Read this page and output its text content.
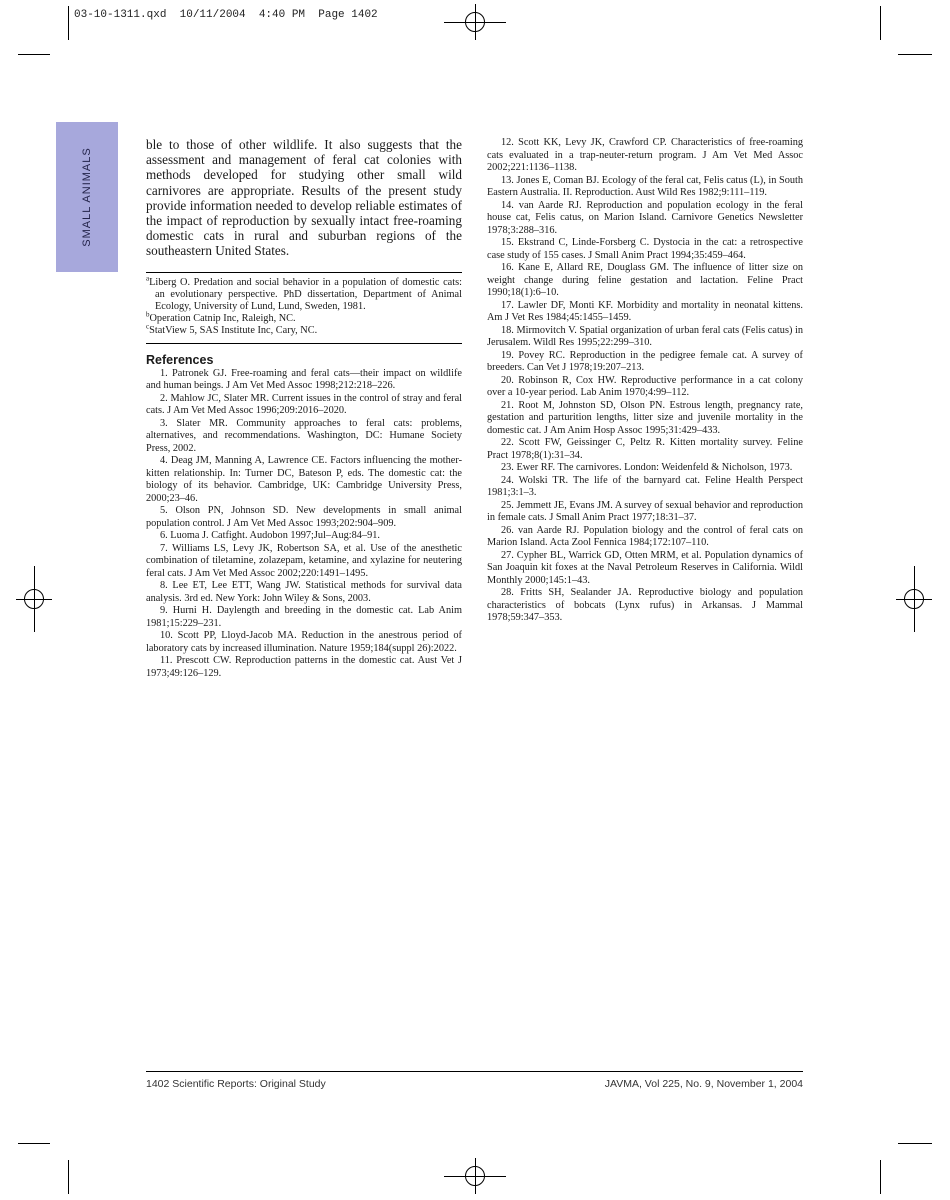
03-10-1311.qxd  10/11/2004  4:40 PM  Page 1402
SMALL ANIMALS

ble to those of other wildlife. It also suggests that the assessment and management of feral cat colonies with methods developed for studying other small wild carnivores are appropriate. Results of the present study provide information needed to develop reliable estimates of the impact of reproduction by sexually intact free-roaming domestic cats in rural and suburban regions of the southeastern United States.

$^a$Liberg O. Predation and social behavior in a population of domestic cats: an evolutionary perspective. PhD dissertation, Department of Animal Ecology, University of Lund, Lund, Sweden, 1981.
$^b$Operation Catnip Inc, Raleigh, NC.
$^c$StatView 5, SAS Institute Inc, Cary, NC.
References
1. Patronek GJ. Free-roaming and feral cats—their impact on wildlife and human beings. J Am Vet Med Assoc 1998;212:218–226.
2. Mahlow JC, Slater MR. Current issues in the control of stray and feral cats. J Am Vet Med Assoc 1996;209:2016–2020.
3. Slater MR. Community approaches to feral cats: problems, alternatives, and recommendations. Washington, DC: Humane Society Press, 2002.
4. Deag JM, Manning A, Lawrence CE. Factors influencing the mother-kitten relationship. In: Turner DC, Bateson P, eds. The domestic cat: the biology of its behavior. Cambridge, UK: Cambridge University Press, 2000;23–46.
5. Olson PN, Johnson SD. New developments in small animal population control. J Am Vet Med Assoc 1993;202:904–909.
6. Luoma J. Catfight. Audobon 1997;Jul–Aug:84–91.
7. Williams LS, Levy JK, Robertson SA, et al. Use of the anesthetic combination of tiletamine, zolazepam, ketamine, and xylazine for neutering feral cats. J Am Vet Med Assoc 2002;220:1491–1495.
8. Lee ET, Lee ETT, Wang JW. Statistical methods for survival data analysis. 3rd ed. New York: John Wiley & Sons, 2003.
9. Hurni H. Daylength and breeding in the domestic cat. Lab Anim 1981;15:229–231.
10. Scott PP, Lloyd-Jacob MA. Reduction in the anestrous period of laboratory cats by increased illumination. Nature 1959;184(suppl 26):2022.
11. Prescott CW. Reproduction patterns in the domestic cat. Aust Vet J 1973;49:126–129.
12. Scott KK, Levy JK, Crawford CP. Characteristics of free-roaming cats evaluated in a trap-neuter-return program. J Am Vet Med Assoc 2002;221:1136–1138.
13. Jones E, Coman BJ. Ecology of the feral cat, Felis catus (L), in South Eastern Australia. II. Reproduction. Aust Wild Res 1982;9:111–119.
14. van Aarde RJ. Reproduction and population ecology in the feral house cat, Felis catus, on Marion Island. Carnivore Genetics Newsletter 1978;3:288–316.
15. Ekstrand C, Linde-Forsberg C. Dystocia in the cat: a retrospective case study of 155 cases. J Small Anim Pract 1994;35:459–464.
16. Kane E, Allard RE, Douglass GM. The influence of litter size on weight change during feline gestation and lactation. Feline Pract 1990;18(1):6–10.
17. Lawler DF, Monti KF. Morbidity and mortality in neonatal kittens. Am J Vet Res 1984;45:1455–1459.
18. Mirmovitch V. Spatial organization of urban feral cats (Felis catus) in Jerusalem. Wildl Res 1995;22:299–310.
19. Povey RC. Reproduction in the pedigree female cat. A survey of breeders. Can Vet J 1978;19:207–213.
20. Robinson R, Cox HW. Reproductive performance in a cat colony over a 10-year period. Lab Anim 1970;4:99–112.
21. Root M, Johnston SD, Olson PN. Estrous length, pregnancy rate, gestation and parturition lengths, litter size and juvenile mortality in the domestic cat. J Am Anim Hosp Assoc 1995;31:429–433.
22. Scott FW, Geissinger C, Peltz R. Kitten mortality survey. Feline Pract 1978;8(1):31–34.
23. Ewer RF. The carnivores. London: Weidenfeld & Nicholson, 1973.
24. Wolski TR. The life of the barnyard cat. Feline Health Perspect 1981;3:1–3.
25. Jemmett JE, Evans JM. A survey of sexual behavior and reproduction in female cats. J Small Anim Pract 1977;18:31–37.
26. van Aarde RJ. Population biology and the control of feral cats on Marion Island. Acta Zool Fennica 1984;172:107–110.
27. Cypher BL, Warrick GD, Otten MRM, et al. Population dynamics of San Joaquin kit foxes at the Naval Petroleum Reserves in California. Wildl Monthly 2000;145:1–43.
28. Fritts SH, Sealander JA. Reproductive biology and population characteristics of bobcats (Lynx rufus) in Arkansas. J Mammal 1978;59:347–353.
1402 Scientific Reports: Original Study	JAVMA, Vol 225, No. 9, November 1, 2004
